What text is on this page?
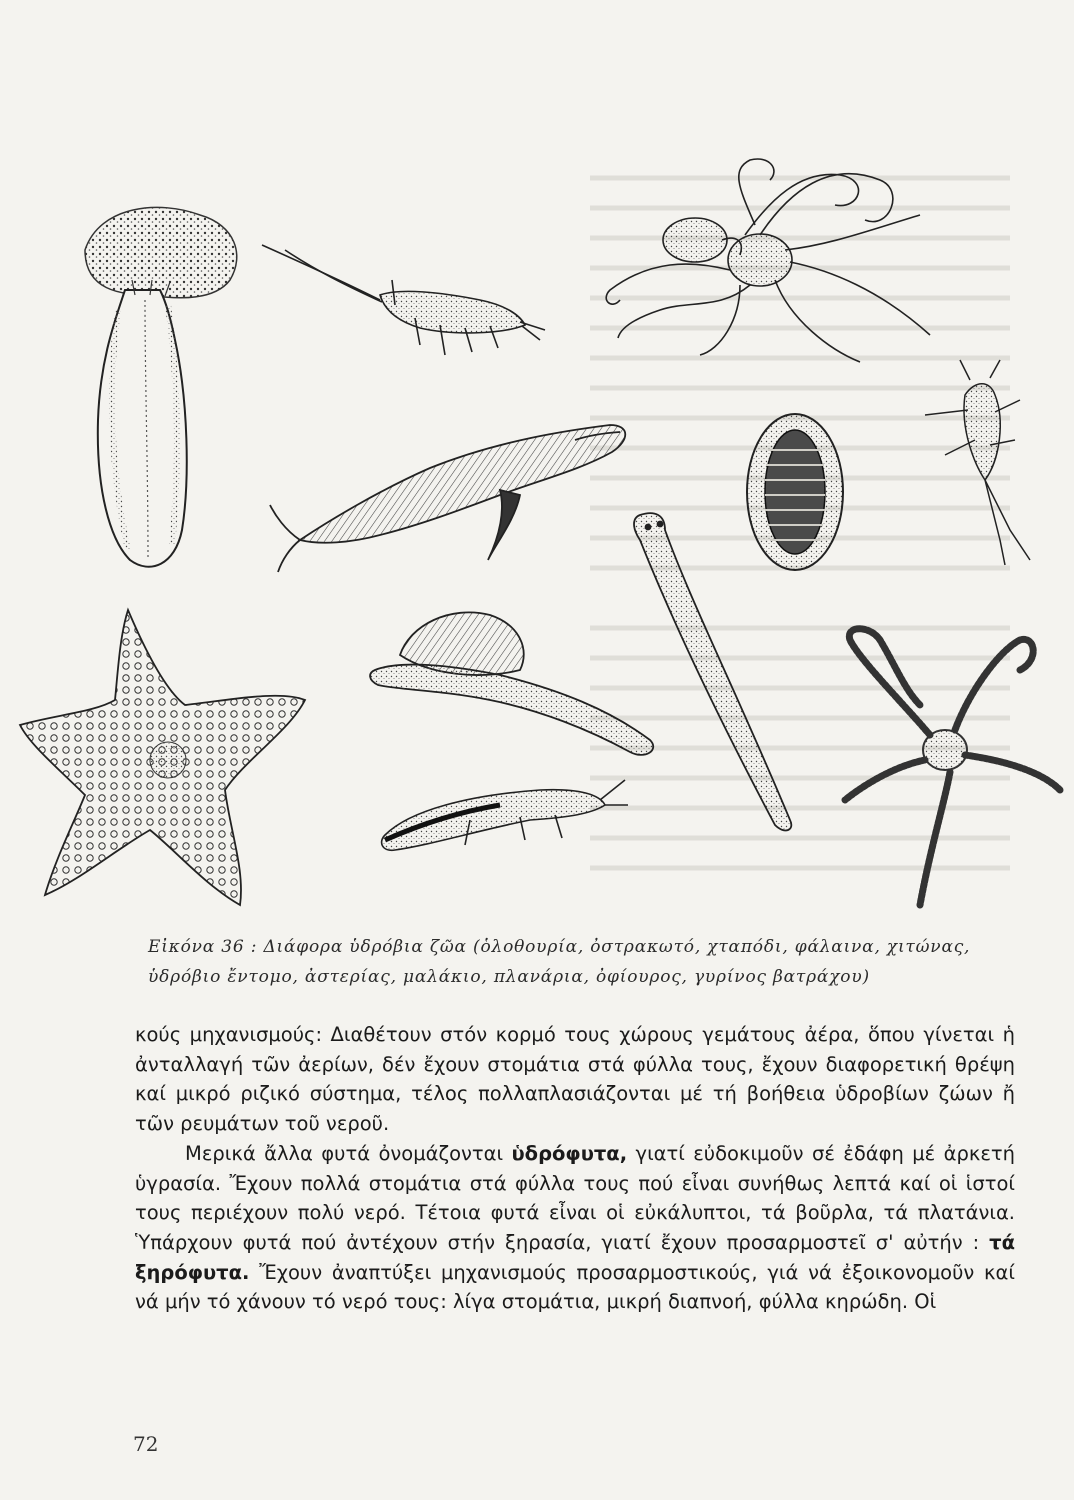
Εἰκόνα 36 : Διάφορα ὑδρόβια ζῶα (ὁλοθουρία, ὀστρακωτό, χταπόδι, φάλαινα, χιτώνας, ὑδρόβιο ἔντομο, ἀστερίας, μαλάκιο, πλανάρια, ὀφίουρος, γυρίνος βατράχου)

κούς μηχανισμούς: Διαθέτουν στόν κορμό τους χώρους γεμάτους ἀέρα, ὅπου γίνεται ἡ ἀνταλλαγή τῶν ἀερίων, δέν ἔχουν στομάτια στά φύλλα τους, ἔχουν διαφορετική θρέψη καί μικρό ριζικό σύστημα, τέλος πολλαπλασιάζονται μέ τή βοήθεια ὑδροβίων ζώων ἤ τῶν ρευμάτων τοῦ νεροῦ.

Μερικά ἄλλα φυτά ὀνομάζονται ὑδρόφυτα, γιατί εὐδοκιμοῦν σέ ἐδάφη μέ ἀρκετή ὑγρασία. Ἔχουν πολλά στομάτια στά φύλλα τους πού εἶναι συνήθως λεπτά καί οἱ ἱστοί τους περιέχουν πολύ νερό. Τέτοια φυτά εἶναι οἱ εὐκάλυπτοι, τά βοῦρλα, τά πλατάνια. Ὑπάρχουν φυτά πού ἀντέχουν στήν ξηρασία, γιατί ἔχουν προσαρμοστεῖ σ' αὐτήν : τά ξηρόφυτα. Ἔχουν ἀναπτύξει μηχανισμούς προσαρμοστικούς, γιά νά ἐξοικονομοῦν καί νά μήν τό χάνουν τό νερό τους: λίγα στομάτια, μικρή διαπνοή, φύλλα κηρώδη. Οἱ

72
